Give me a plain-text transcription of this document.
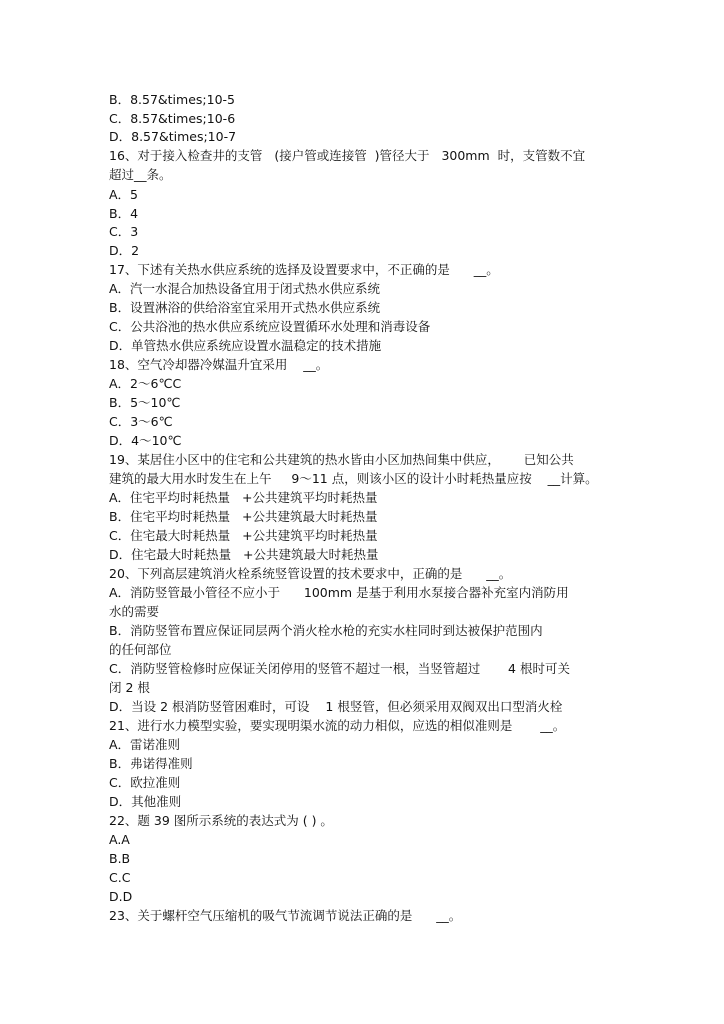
B．8.57&times;10-5

C．8.57&times;10-6

D．8.57&times;10-7

16、对于接入检查井的支管   (接户管或连接管  )管径大于   300mm  时，支管数不宜

超过__条。

A．5

B．4

C．3

D．2

17、下述有关热水供应系统的选择及设置要求中，不正确的是      __。

A．汽一水混合加热设备宜用于闭式热水供应系统

B．设置淋浴的供给浴室宜采用开式热水供应系统

C．公共浴池的热水供应系统应设置循环水处理和消毒设备

D．单管热水供应系统应设置水温稳定的技术措施

18、空气冷却器冷媒温升宜采用    __。

A．2～6℃C

B．5～10℃

C．3～6℃

D．4～10℃

19、某居住小区中的住宅和公共建筑的热水皆由小区加热间集中供应，      已知公共

建筑的最大用水时发生在上午     9～11 点，则该小区的设计小时耗热量应按    __计算。

A．住宅平均时耗热量   +公共建筑平均时耗热量

B．住宅平均时耗热量   +公共建筑最大时耗热量

C．住宅最大时耗热量   +公共建筑平均时耗热量

D．住宅最大时耗热量   +公共建筑最大时耗热量

20、下列高层建筑消火栓系统竖管设置的技术要求中，正确的是      __。

A．消防竖管最小管径不应小于      100mm 是基于利用水泵接合器补充室内消防用

水的需要

B．消防竖管布置应保证同层两个消火栓水枪的充实水柱同时到达被保护范围内

的任何部位

C．消防竖管检修时应保证关闭停用的竖管不超过一根，当竖管超过       4 根时可关

闭 2 根

D．当设 2 根消防竖管困难时，可设    1 根竖管，但必须采用双阀双出口型消火栓

21、进行水力模型实验，要实现明渠水流的动力相似，应选的相似准则是       __。

A．雷诺准则

B．弗诺得准则

C．欧拉准则

D．其他准则

22、题 39 图所示系统的表达式为 ( ) 。

A.A

B.B

C.C

D.D

23、关于螺杆空气压缩机的吸气节流调节说法正确的是      __。
